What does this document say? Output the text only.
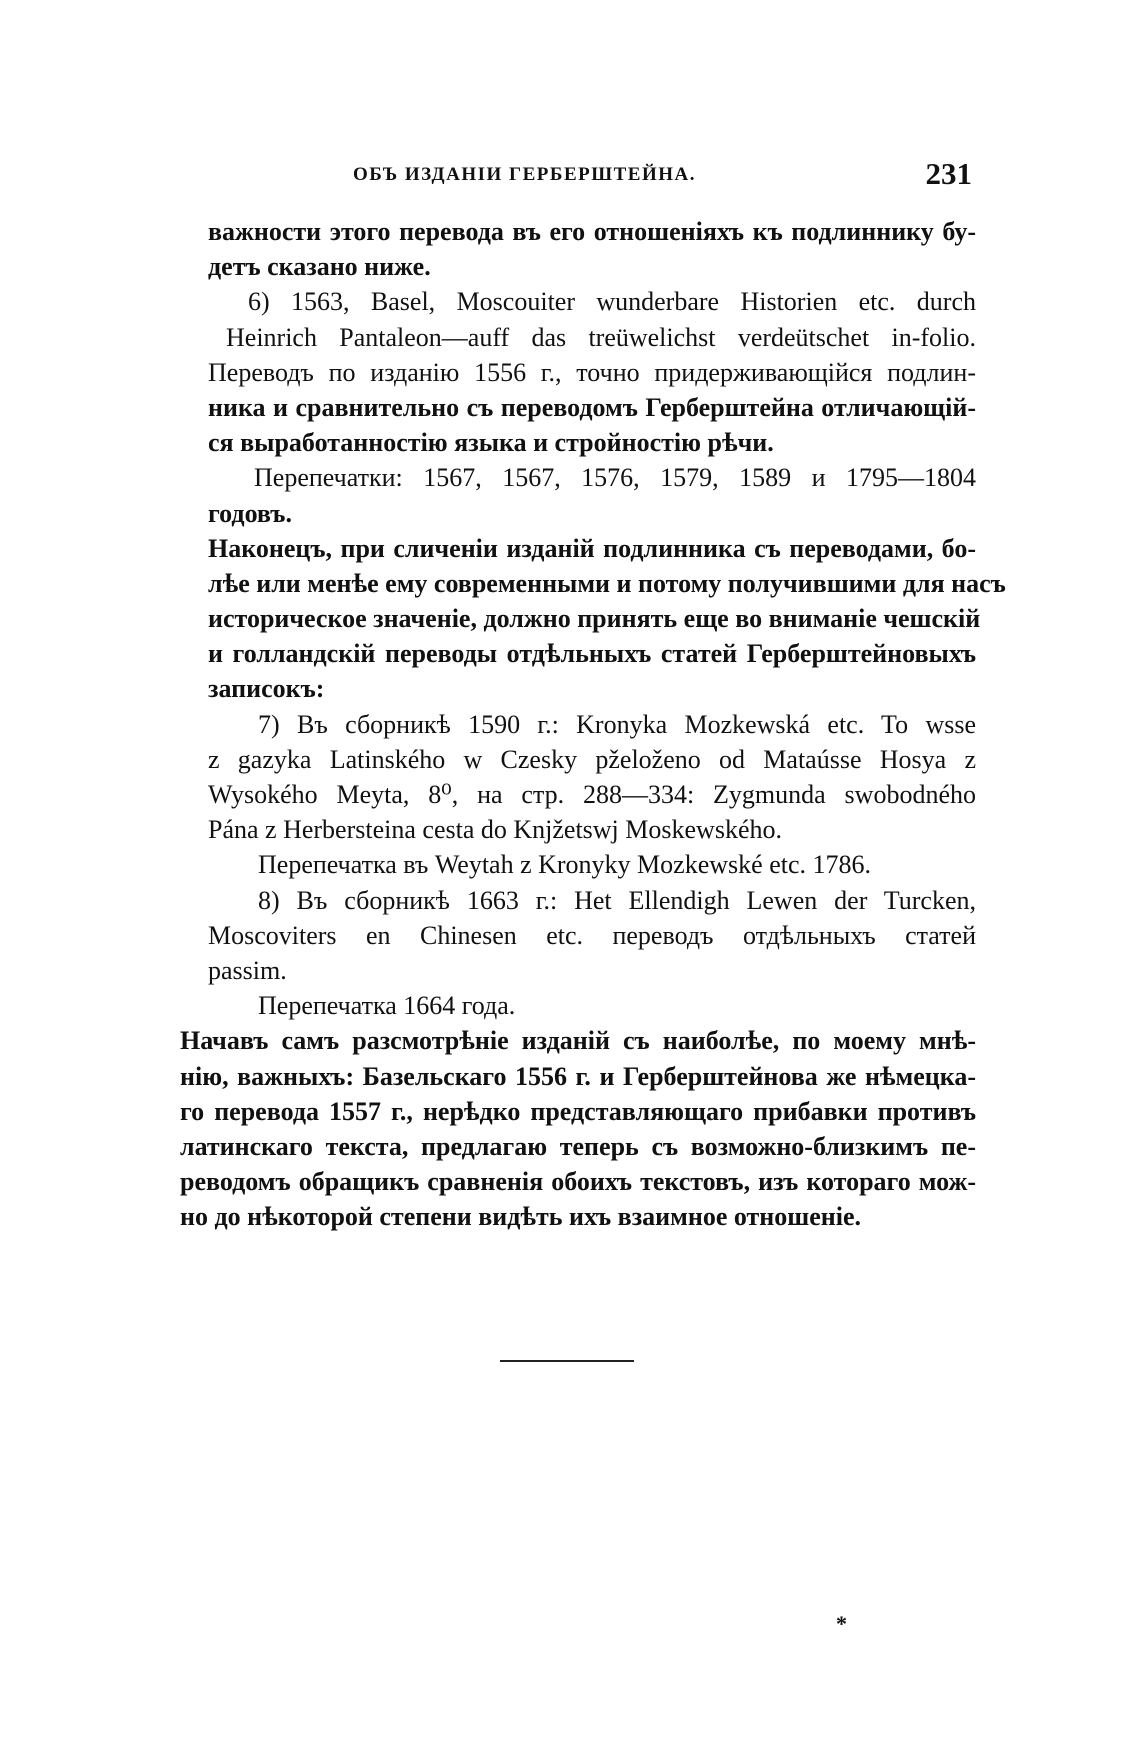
ОБЪ ИЗДАНІИ ГЕРБЕРШТЕЙНА.	231
важности этого перевода въ его отношеніяхъ къ подлиннику бу-
детъ сказано ниже.
6) 1563, Basel, Moscouiter wunderbare Historien etc. durch
Heinrich Pantaleon—auff das treüwelichst verdeütschet in-folio.
Переводъ по изданію 1556 г., точно придерживающійся подлин-
ника и сравнительно съ переводомъ Герберштейна отличающій-
ся выработанностію языка и стройностію рѣчи.
Перепечатки: 1567, 1567, 1576, 1579, 1589 и 1795—1804
годовъ.
Наконецъ, при сличеніи изданій подлинника съ переводами, бо-
лѣе или менѣе ему современными и потому получившими для насъ
историческое значеніе, должно принять еще во вниманіе чешскій
и голландскій переводы отдѣльныхъ статей Герберштейновыхъ
записокъ:
7) Въ сборникѣ 1590 г.: Kronyka Mozkewská etc. To wsse
z gazyka Latinského w Czesky pželoženo od Mataússe Hosya z
Wysokého Meyta, 8⁰, на стр. 288—334: Zygmunda swobodného
Pána z Herbersteina cesta do Knjžetswj Moskewského.
Перепечатка въ Weytah z Kronyky Mozkewské etc. 1786.
8) Въ сборникѣ 1663 г.: Het Ellendigh Lewen der Turcken,
Moscoviters en Chinesen etc. переводъ отдѣльныхъ статей
passim.
Перепечатка 1664 года.
Начавъ самъ разсмотрѣніе изданій съ наиболѣе, по моему мнѣ-
нію, важныхъ: Базельскаго 1556 г. и Герберштейнова же нѣмецка-
го перевода 1557 г., нерѣдко представляющаго прибавки противъ
латинскаго текста, предлагаю теперь съ возможно-близкимъ пе-
реводомъ обращикъ сравненія обоихъ текстовъ, изъ котораго мож-
но до нѣкоторой степени видѣть ихъ взаимное отношеніе.
*
